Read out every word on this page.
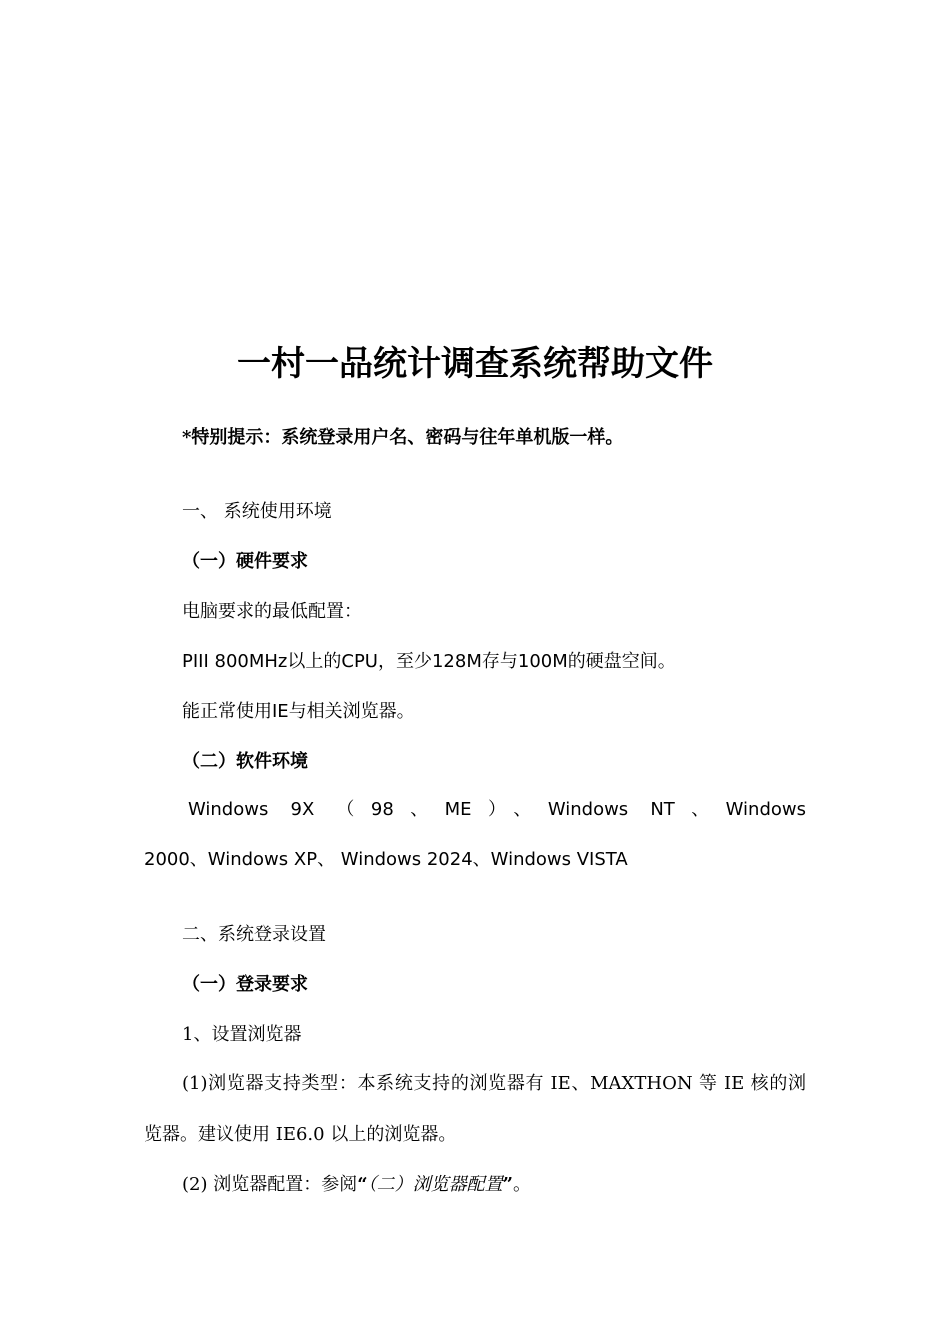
一村一品统计调查系统帮助文件
*特别提示：系统登录用户名、密码与往年单机版一样。
一、 系统使用环境
（一）硬件要求
电脑要求的最低配置：
PIII 800MHz以上的CPU，至少128M存与100M的硬盘空间。
能正常使用IE与相关浏览器。
（二）软件环境
Windows 9X （98、ME）、Windows NT、Windows
2000、Windows XP、 Windows 2024、Windows VISTA
二、系统登录设置
（一）登录要求
1、设置浏览器
(1)浏览器支持类型：本系统支持的浏览器有 IE、MAXTHON 等 IE 核的浏
览器。建议使用 IE6.0 以上的浏览器。
(2) 浏览器配置：参阅“（二）浏览器配置”。
